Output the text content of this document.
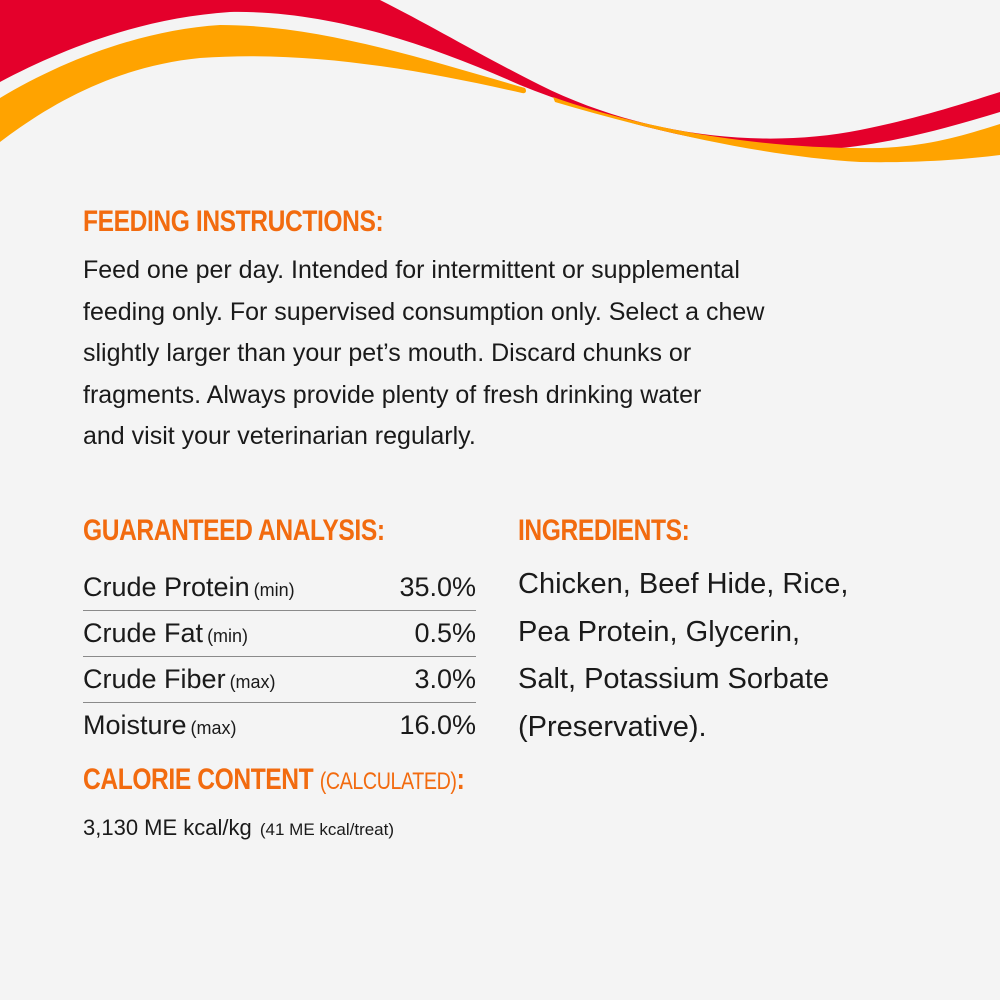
FEEDING INSTRUCTIONS:
Feed one per day. Intended for intermittent or supplemental
feeding only. For supervised consumption only. Select a chew
slightly larger than your pet’s mouth. Discard chunks or
fragments. Always provide plenty of fresh drinking water
and visit your veterinarian regularly.
GUARANTEED ANALYSIS:
Crude Protein (min)	35.0%
Crude Fat (min)	0.5%
Crude Fiber (max)	3.0%
Moisture (max)	16.0%
CALORIE CONTENT (CALCULATED):
3,130 ME kcal/kg (41 ME kcal/treat)
INGREDIENTS:
Chicken, Beef Hide, Rice,
Pea Protein, Glycerin,
Salt, Potassium Sorbate
(Preservative).
